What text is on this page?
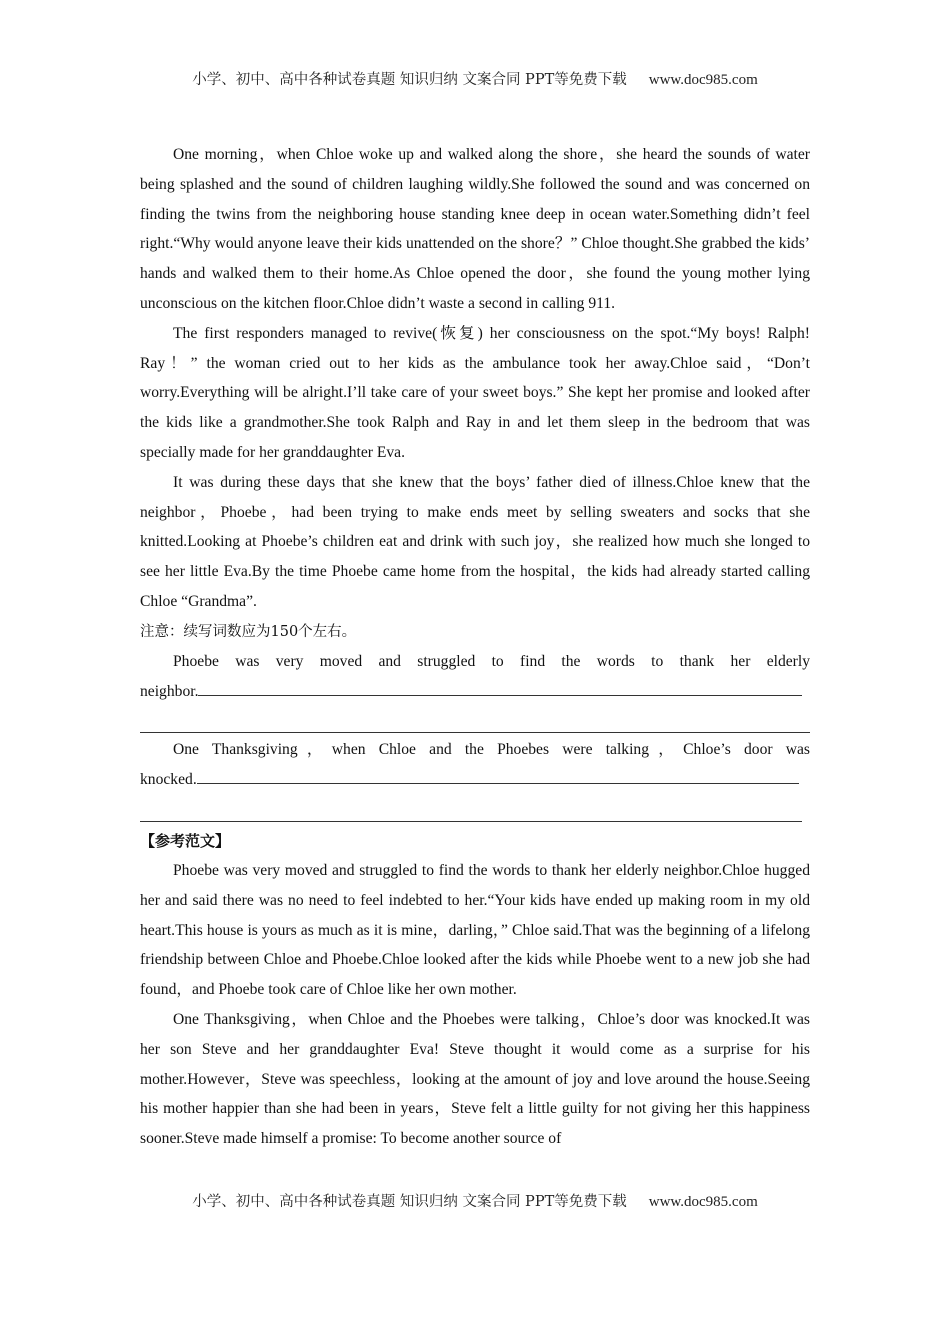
小学、初中、高中各种试卷真题 知识归纳 文案合同 PPT等免费下载 www.doc985.com

One morning，when Chloe woke up and walked along the shore，she heard the sounds of water being splashed and the sound of children laughing wildly.She followed the sound and was concerned on finding the twins from the neighboring house standing knee deep in ocean water.Something didn’t feel right.“Why would anyone leave their kids unattended on the shore？” Chloe thought.She grabbed the kids’ hands and walked them to their home.As Chloe opened the door，she found the young mother lying unconscious on the kitchen floor.Chloe didn’t waste a second in calling 911.

The first responders managed to revive(恢复) her consciousness on the spot.“My boys! Ralph! Ray！” the woman cried out to her kids as the ambulance took her away.Chloe said，“Don’t worry.Everything will be alright.I’ll take care of your sweet boys.” She kept her promise and looked after the kids like a grandmother.She took Ralph and Ray in and let them sleep in the bedroom that was specially made for her granddaughter Eva.

It was during these days that she knew that the boys’ father died of illness.Chloe knew that the neighbor，Phoebe，had been trying to make ends meet by selling sweaters and socks that she knitted.Looking at Phoebe’s children eat and drink with such joy，she realized how much she longed to see her little Eva.By the time Phoebe came home from the hospital，the kids had already started calling Chloe “Grandma”.

注意：续写词数应为150个左右。

Phoebe was very moved and struggled to find the words to thank her elderly

neighbor.

One Thanksgiving，when Chloe and the Phoebes were talking，Chloe’s door was

knocked.

【参考范文】

Phoebe was very moved and struggled to find the words to thank her elderly neighbor.Chloe hugged her and said there was no need to feel indebted to her.“Your kids have ended up making room in my old heart.This house is yours as much as it is mine，darling，” Chloe said.That was the beginning of a lifelong friendship between Chloe and Phoebe.Chloe looked after the kids while Phoebe went to a new job she had found，and Phoebe took care of Chloe like her own mother.

One Thanksgiving，when Chloe and the Phoebes were talking，Chloe’s door was knocked.It was her son Steve and her granddaughter Eva! Steve thought it would come as a surprise for his mother.However，Steve was speechless，looking at the amount of joy and love around the house.Seeing his mother happier than she had been in years，Steve felt a little guilty for not giving her this happiness sooner.Steve made himself a promise: To become another source of

小学、初中、高中各种试卷真题 知识归纳 文案合同 PPT等免费下载 www.doc985.com
